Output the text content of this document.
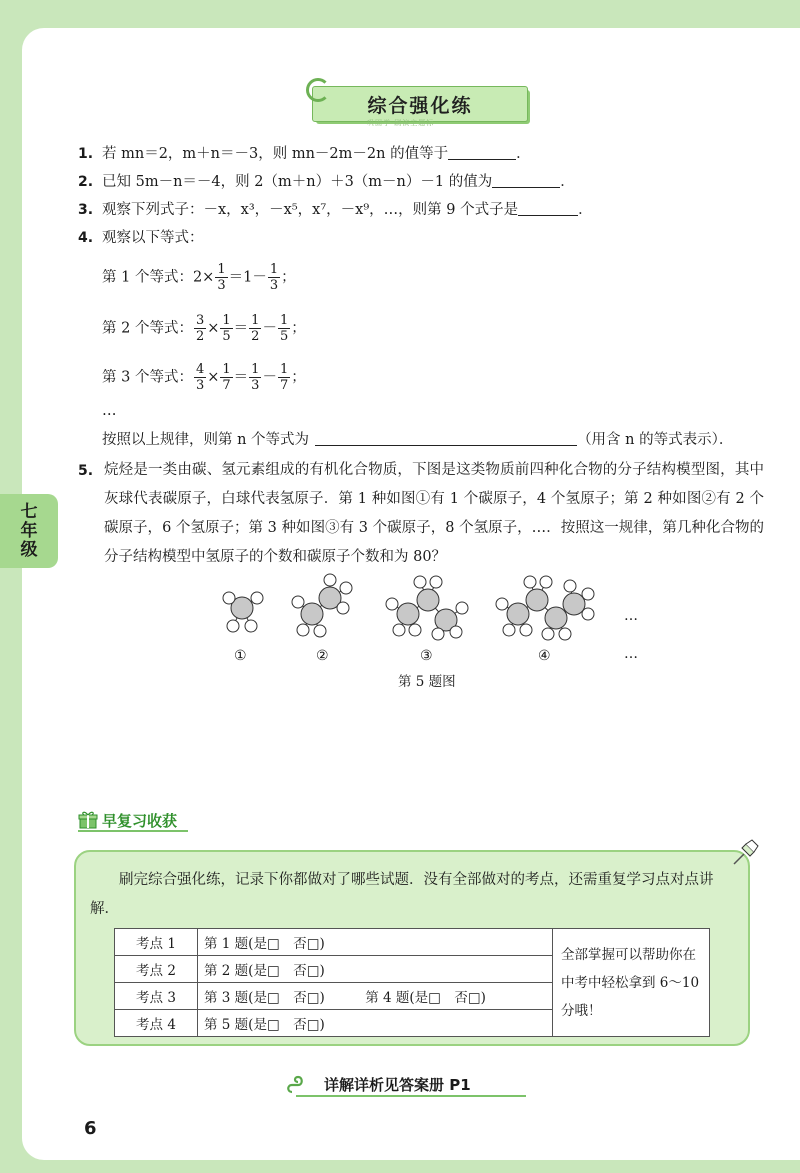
七
年
级
综合强化练
巩固学·刷演主题标
1. 若 mn＝2，m＋n＝－3，则 mn－2m－2n 的值等于	．
2. 已知 5m－n＝－4，则 2（m＋n）＋3（m－n）－1 的值为	．
3. 观察下列式子：－x，x³，－x⁵，x⁷，－x⁹，…，则第 9 个式子是	．
4. 观察以下等式：
第 1 个等式：$2\times \frac{1}{3} =1- \frac{1}{3}$ ；
第 2 个等式： $\frac{3}{2} \times \frac{1}{5} = \frac{1}{2} - \frac{1}{5}$ ；
第 3 个等式： $\frac{4}{3} \times \frac{1}{7} = \frac{1}{3} - \frac{1}{7}$ ；
…
按照以上规律，则第 n 个等式为	（用含 n 的等式表示）．
5. 烷烃是一类由碳、氢元素组成的有机化合物质，下图是这类物质前四种化合物的分子结构模型图，其中灰球代表碳原子，白球代表氢原子．第 1 种如图①有 1 个碳原子，4 个氢原子；第 2 种如图②有 2 个碳原子，6 个氢原子；第 3 种如图③有 3 个碳原子，8 个氢原子，…．按照这一规律，第几种化合物的分子结构模型中氢原子的个数和碳原子个数和为 80？
…
①	②	③	④	…
第 5 题图
早复习收获
刷完综合强化练，记录下你都做对了哪些试题．没有全部做对的考点，还需重复学习点对点讲解．
考点 1	第 1 题(是□　否□)	全部掌握可以帮助你在中考中轻松拿到 6～10 分哦！
考点 2	第 2 题(是□　否□)	
考点 3	第 3 题(是□　否□)　　　第 4 题(是□　否□)	
考点 4	第 5 题(是□　否□)	
详解详析见答案册 P1
6
